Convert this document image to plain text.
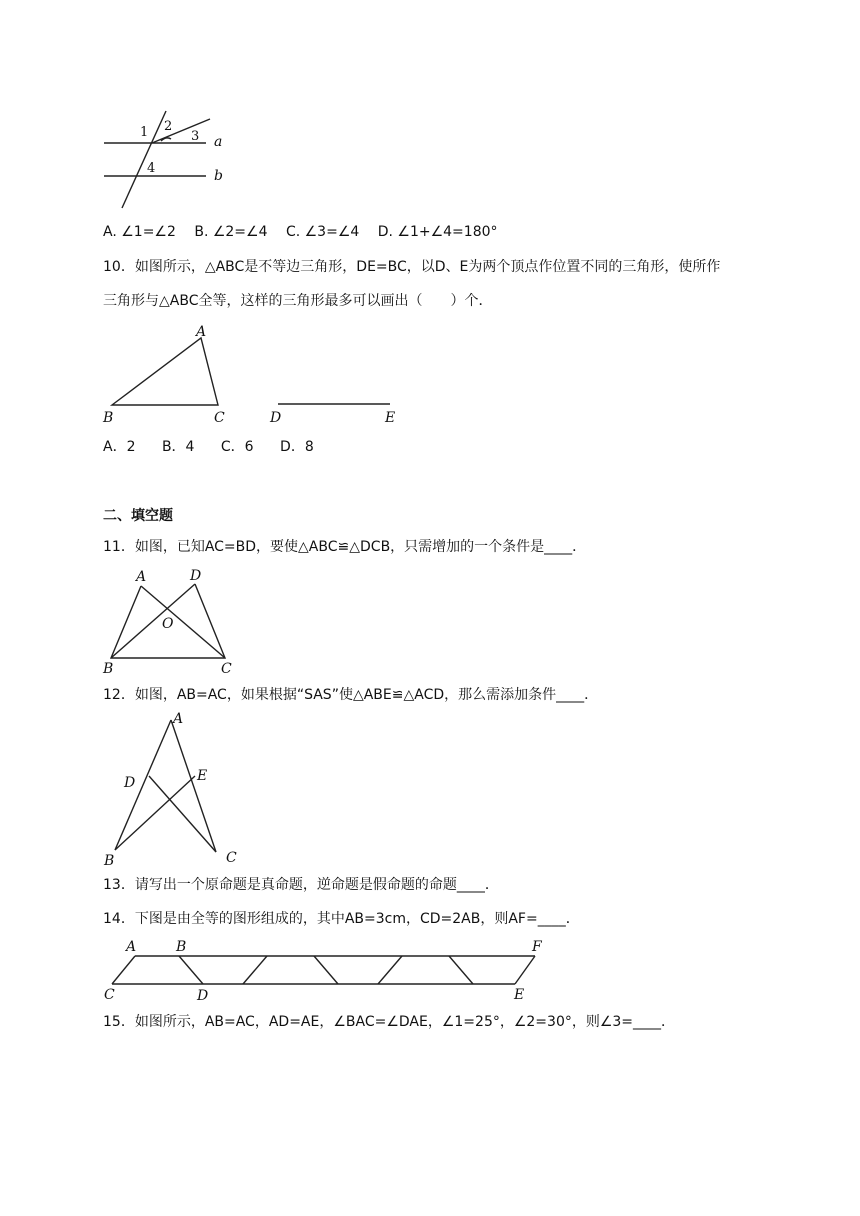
1 2
3
4
a
b
A. ∠1=∠2 B. ∠2=∠4 C. ∠3=∠4 D. ∠1+∠4=180°
10．如图所示，△ABC是不等边三角形，DE=BC，以D、E为两个顶点作位置不同的三角形，使所作
三角形与△ABC全等，这样的三角形最多可以画出（　　）个．
A
B	C	D	E
A．2 B．4 C．6 D．8
二、填空题
11．如图，已知AC=BD，要使△ABC≌△DCB，只需增加的一个条件是____．
A	D
O
B	C
12．如图，AB=AC，如果根据“SAS”使△ABE≌△ACD，那么需添加条件____．
A
D	E
B	C
13．请写出一个原命题是真命题，逆命题是假命题的命题____．
14．下图是由全等的图形组成的，其中AB=3cm，CD=2AB，则AF=____．
A	B	F
C	D	E
15．如图所示，AB=AC，AD=AE，∠BAC=∠DAE，∠1=25°，∠2=30°，则∠3=____．
